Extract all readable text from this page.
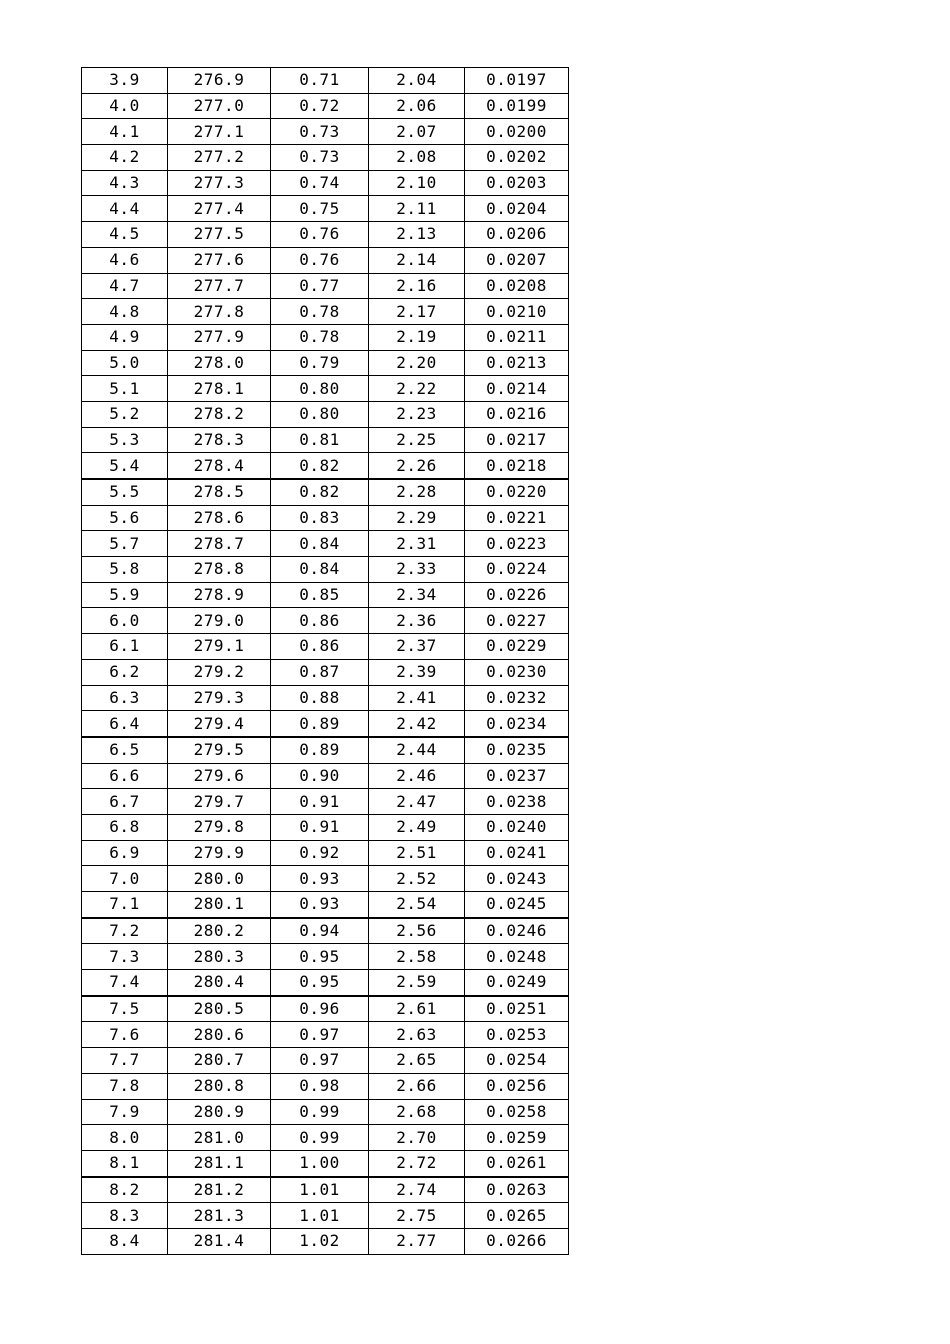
3.9	276.9	0.71	2.04	0.0197
4.0	277.0	0.72	2.06	0.0199
4.1	277.1	0.73	2.07	0.0200
4.2	277.2	0.73	2.08	0.0202
4.3	277.3	0.74	2.10	0.0203
4.4	277.4	0.75	2.11	0.0204
4.5	277.5	0.76	2.13	0.0206
4.6	277.6	0.76	2.14	0.0207
4.7	277.7	0.77	2.16	0.0208
4.8	277.8	0.78	2.17	0.0210
4.9	277.9	0.78	2.19	0.0211
5.0	278.0	0.79	2.20	0.0213
5.1	278.1	0.80	2.22	0.0214
5.2	278.2	0.80	2.23	0.0216
5.3	278.3	0.81	2.25	0.0217
5.4	278.4	0.82	2.26	0.0218
5.5	278.5	0.82	2.28	0.0220
5.6	278.6	0.83	2.29	0.0221
5.7	278.7	0.84	2.31	0.0223
5.8	278.8	0.84	2.33	0.0224
5.9	278.9	0.85	2.34	0.0226
6.0	279.0	0.86	2.36	0.0227
6.1	279.1	0.86	2.37	0.0229
6.2	279.2	0.87	2.39	0.0230
6.3	279.3	0.88	2.41	0.0232
6.4	279.4	0.89	2.42	0.0234
6.5	279.5	0.89	2.44	0.0235
6.6	279.6	0.90	2.46	0.0237
6.7	279.7	0.91	2.47	0.0238
6.8	279.8	0.91	2.49	0.0240
6.9	279.9	0.92	2.51	0.0241
7.0	280.0	0.93	2.52	0.0243
7.1	280.1	0.93	2.54	0.0245
7.2	280.2	0.94	2.56	0.0246
7.3	280.3	0.95	2.58	0.0248
7.4	280.4	0.95	2.59	0.0249
7.5	280.5	0.96	2.61	0.0251
7.6	280.6	0.97	2.63	0.0253
7.7	280.7	0.97	2.65	0.0254
7.8	280.8	0.98	2.66	0.0256
7.9	280.9	0.99	2.68	0.0258
8.0	281.0	0.99	2.70	0.0259
8.1	281.1	1.00	2.72	0.0261
8.2	281.2	1.01	2.74	0.0263
8.3	281.3	1.01	2.75	0.0265
8.4	281.4	1.02	2.77	0.0266
